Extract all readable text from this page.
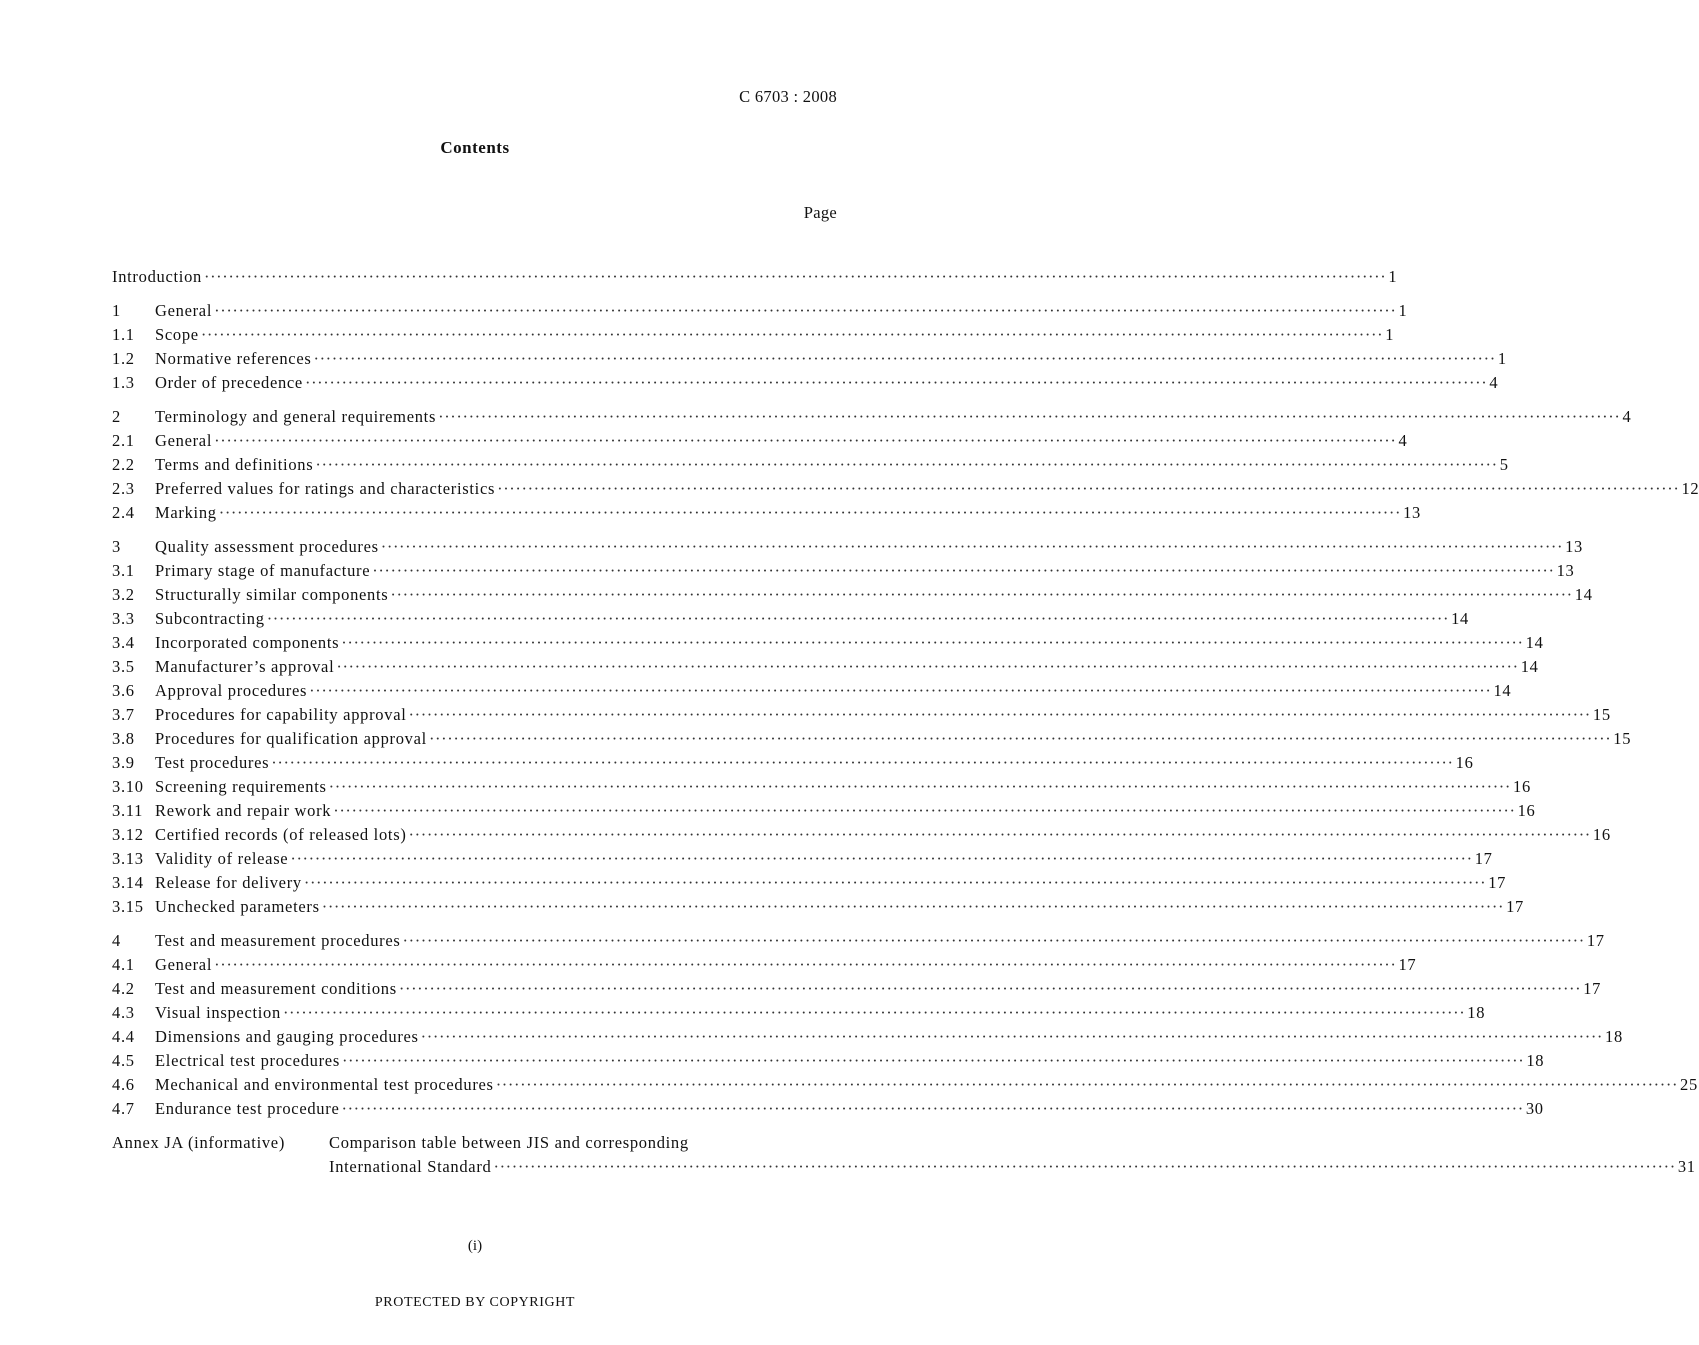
C 6703 : 2008
Contents
Page
Introduction ·····	1
1	General ·····	1
1.1	Scope ·····	1
1.2	Normative references ·····	1
1.3	Order of precedence ·····	4
2	Terminology and general requirements ·····	4
2.1	General ·····	4
2.2	Terms and definitions ·····	5
2.3	Preferred values for ratings and characteristics ·····	12
2.4	Marking ·····	13
3	Quality assessment procedures ·····	13
3.1	Primary stage of manufacture ·····	13
3.2	Structurally similar components ·····	14
3.3	Subcontracting ·····	14
3.4	Incorporated components ·····	14
3.5	Manufacturer’s approval ·····	14
3.6	Approval procedures ·····	14
3.7	Procedures for capability approval ·····	15
3.8	Procedures for qualification approval ·····	15
3.9	Test procedures ·····	16
3.10 Screening requirements ·····	16
3.11 Rework and repair work ·····	16
3.12 Certified records (of released lots) ·····	16
3.13 Validity of release ·····	17
3.14 Release for delivery ·····	17
3.15 Unchecked parameters ·····	17
4	Test and measurement procedures ·····	17
4.1	General ·····	17
4.2	Test and measurement conditions ·····	17
4.3	Visual inspection ·····	18
4.4	Dimensions and gauging procedures ·····	18
4.5	Electrical test procedures ·····	18
4.6	Mechanical and environmental test procedures ·····	25
4.7	Endurance test procedure ·····	30
Annex JA (informative)	Comparison table between JIS and corresponding
International Standard ·····	31
(i)
PROTECTED BY COPYRIGHT
